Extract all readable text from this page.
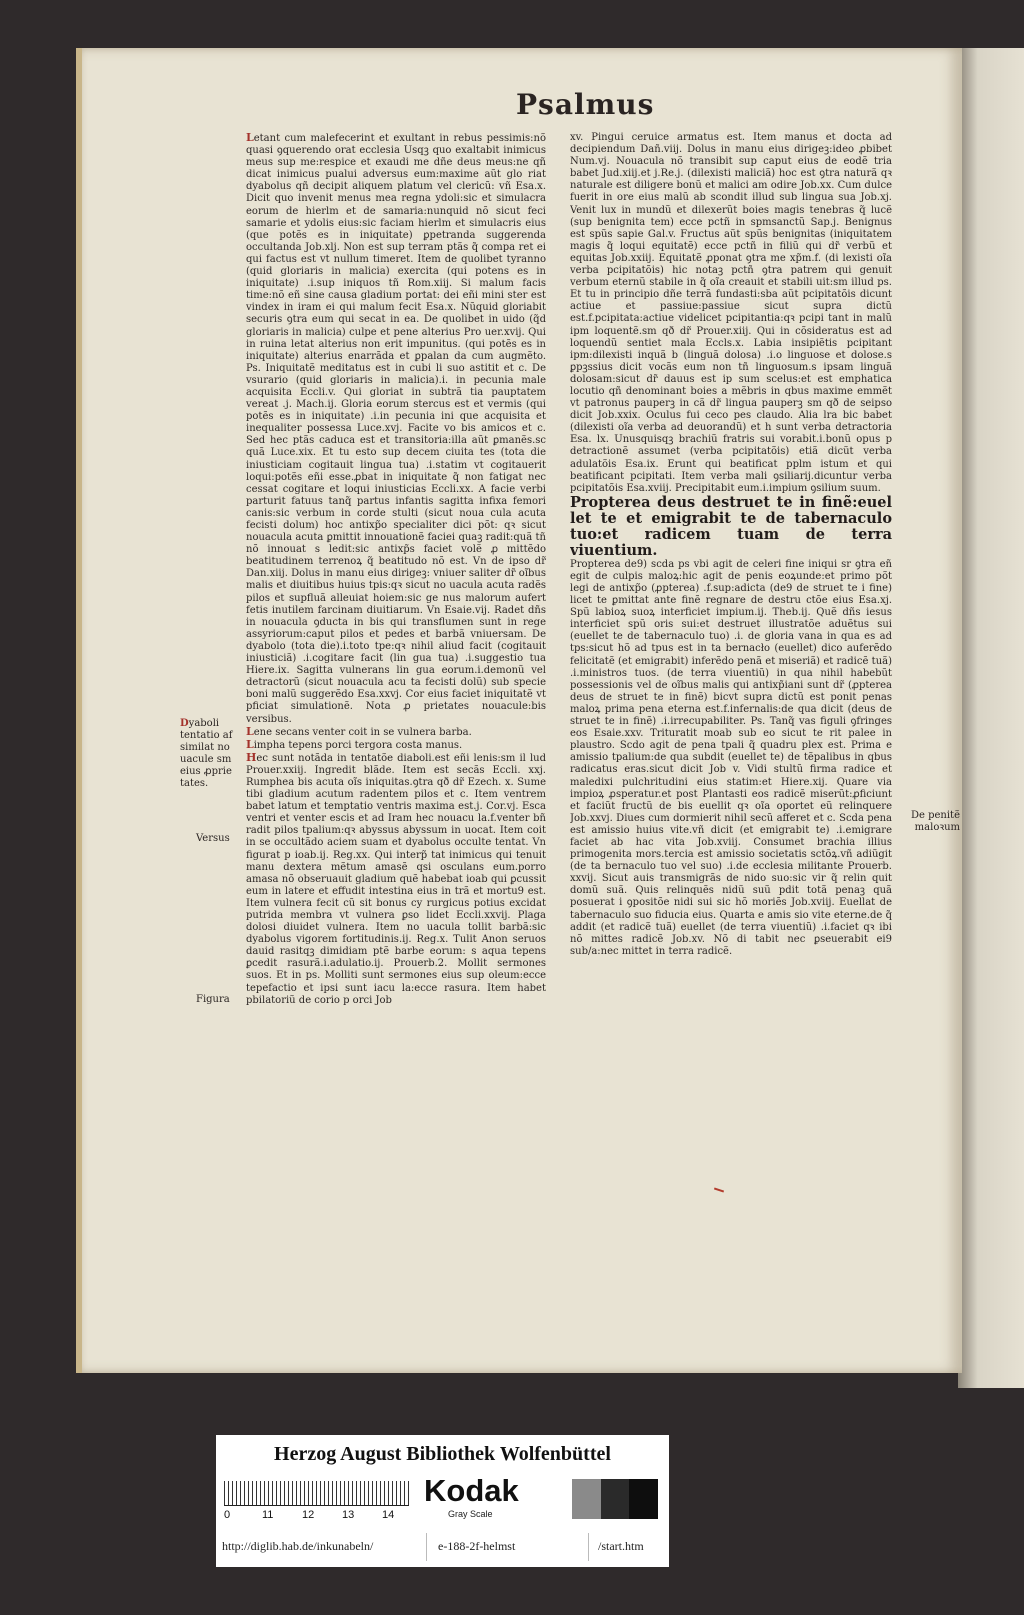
Psalmus

Letant cum malefecerint et exultant in rebus pessimis:nõ quasi ꝯquerendo orat ecclesia Usqꝫ quo exaltabit inimicus meus sup me:respice et exaudi me dñe deus meus:ne qñ dicat inimicus pualui adversus eum:maxime aũt glo riat dyabolus qñ decipit aliquem platum vel clericũ: vñ Esa.x. Dicit quo invenit menus mea regna ydoli:sic et simulacra eorum de hierlm et de samaria:nunquid nõ sicut feci samarie et ydolis eius:sic faciam hierlm et simulacris eius (que potẽs es in iniquitate) ꝑpetranda suggerenda occultanda Job.xlj. Non est sup terram ptãs q̃ compa ret ei qui factus est vt nullum timeret. Item de quolibet tyranno (quid gloriaris in malicia) exercita (qui potens es in iniquitate) .i.sup iniquos tñ Rom.xiij. Si malum facis time:nõ eñ sine causa gladium portat: dei eñi mini ster est vindex in iram ei qui malum fecit Esa.x. Nũquid gloriabit securis ꝯtra eum qui secat in ea. De quolibet in uido (q̃d gloriaris in malicia) culpe et pene alterius Pro uer.xvij. Qui in ruina letat alterius non erit impunitus. (qui potẽs es in iniquitate) alterius enarrãda et ꝑpalan da cum augmẽto. Ps. Iniquitatẽ meditatus est in cubi li suo astitit et c. De vsurario (quid gloriaris in malicia).i. in pecunia male acquisita Eccli.v. Qui gloriat in subtrã tia pauptatem vereat .j. Mach.ij. Gloria eorum stercus est et vermis (qui potẽs es in iniquitate) .i.in pecunia ini que acquisita et inequaliter possessa Luce.xvj. Facite vo bis amicos et c. Sed hec ptãs caduca est et transitoria:illa aũt ꝑmanẽs.sc quã Luce.xix. Et tu esto sup decem ciuita tes (tota die iniusticiam cogitauit lingua tua) .i.statim vt cogitauerit loqui:potẽs eñi esse.ꝓbat in iniquitate q̃ non fatigat nec cessat cogitare et loqui iniusticias Eccli.xx. A facie verbi parturit fatuus tanq̃ partus infantis sagitta infixa femori canis:sic verbum in corde stulti (sicut noua cula acuta fecisti dolum) hoc antixp̃o specialiter dici põt: qꝛ sicut nouacula acuta ꝑmittit innouationẽ faciei quaꝫ radit:quã tñ nõ innouat s ledit:sic antixp̃s faciet volẽ ꝓ mittẽdo beatitudinem terrenoꝝ q̃ beatitudo nõ est. Vn de ipso dr̃ Dan.xiij. Dolus in manu eius dirigeꝫ: vniuer saliter dr̃ oĩbus malis et diuitibus huius tpis:qꝛ sicut no uacula acuta radẽs pilos et supfluã alleuiat hoiem:sic ge nus malorum aufert fetis inutilem farcinam diuitiarum. Vn Esaie.vij. Radet dñs in nouacula ꝯducta in bis qui transflumen sunt in rege assyriorum:caput pilos et pedes et barbã vniuersam. De dyabolo (tota die).i.toto tpe:qꝛ nihil aliud facit (cogitauit iniusticiã) .i.cogitare facit (lin gua tua) .i.suggestio tua Hiere.ix. Sagitta vulnerans lin gua eorum.i.demonũ vel detractorũ (sicut nouacula acu ta fecisti dolũ) sub specie boni malũ suggerẽdo Esa.xxvj. Cor eius faciet iniquitatẽ vt pficiat simulationẽ. Nota ꝓ prietates nouacule:bis versibus.

Lene secans venter coit in se vulnera barba.

Limpha tepens porci tergora costa manus.

Hec sunt notãda in tentatõe diaboli.est eñi lenis:sm il lud Prouer.xxiij. Ingredit blãde. Item est secãs Eccli. xxj. Rumphea bis acuta oĩs iniquitas.ꝯtra qð dr̃ Ezech. x. Sume tibi gladium acutum radentem pilos et c. Item ventrem babet latum et temptatio ventris maxima est.j. Cor.vj. Esca ventri et venter escis et ad Iram hec nouacu la.f.venter bñ radit pilos tpalium:qꝛ abyssus abyssum in uocat. Item coit in se occultãdo aciem suam et dyabolus occulte tentat. Vn figurat p ioab.ij. Reg.xx. Qui interp̃ tat inimicus qui tenuit manu dextera mẽtum amasẽ qsi osculans eum.porro amasa nõ obseruauit gladium quẽ habebat ioab qui ꝑcussit eum in latere et effudit intestina eius in trã et mortu9 est. Item vulnera fecit cũ sit bonus cy rurgicus potius excidat putrida membra vt vulnera ꝑso lidet Eccli.xxvij. Plaga dolosi diuidet vulnera. Item no uacula tollit barbã:sic dyabolus vigorem fortitudinis.ij. Reg.x. Tulit Anon seruos dauid rasitqꝫ dimidiam ptẽ barbe eorum: s aqua tepens ꝑcedit rasurã.i.adulatio.ij. Prouerb.2. Mollit sermones suos. Et in ps. Molliti sunt sermones eius sup oleum:ecce tepefactio et ipsi sunt iacu la:ecce rasura. Item habet pbilatoriũ de corio p orci Job

xv. Pingui ceruice armatus est. Item manus et docta ad decipiendum Dañ.viij. Dolus in manu eius dirigeꝫ:ideo ꝓbibet Num.vj. Nouacula nõ transibit sup caput eius de eodẽ tria babet Jud.xiij.et j.Re.j. (dilexisti maliciã) hoc est ꝯtra naturã qꝛ naturale est diligere bonũ et malici am odire Job.xx. Cum dulce fuerit in ore eius malũ ab scondit illud sub lingua sua Job.xj. Venit lux in mundũ et dilexerũt boies magis tenebras q̃ lucẽ (sup benignita tem) ecce pctñ in spmsanctũ Sap.j. Benignus est spũs sapie Gal.v. Fructus aũt spũs benignitas (iniquitatem magis q̃ loqui equitatẽ) ecce pctñ in filiũ qui dr̃ verbũ et equitas Job.xxiij. Equitatẽ ꝓponat ꝯtra me xp̃m.f. (di lexisti oĩa verba pcipitatõis) hic notaꝫ pctñ ꝯtra patrem qui genuit verbum eternũ stabile in q̃ oĩa creauit et stabili uit:sm illud ps. Et tu in principio dñe terrã fundasti:sba aũt pcipitatõis dicunt actiue et passiue:passiue sicut supra dictũ est.f.pcipitata:actiue videlicet pcipitantia:qꝛ pcipi tant in malũ ipm loquentẽ.sm qð dr̃ Prouer.xiij. Qui in cõsideratus est ad loquendũ sentiet mala Eccls.x. Labia insipiẽtis pcipitant ipm:dilexisti inquã b (linguã dolosa) .i.o linguose et dolose.s ꝑpꝫssius dicit vocãs eum non tñ linguosum.s ipsam linguã dolosam:sicut dr̃ dauus est ip sum scelus:et est emphatica locutio qñ denominant boies a mẽbris in qbus maxime emmẽt vt patronus pauperꝫ in cã dr̃ lingua pauperꝫ sm qð de seipso dicit Job.xxix. Oculus fui ceco pes claudo. Alia lra bic babet (dilexisti oĩa verba ad deuorandũ) et h sunt verba detractoria Esa. lx. Unusquisqꝫ brachiũ fratris sui vorabit.i.bonũ opus p detractionẽ assumet (verba pcipitatõis) etiã dicũt verba adulatõis Esa.ix. Erunt qui beatificat pplm istum et qui beatificant pcipitati. Item verba mali ꝯsiliarij.dicuntur verba pcipitatõis Esa.xviij. Precipitabit eum.i.impium ꝯsilium suum.

Propterea deus destruet te in finẽ:euel let te et emigrabit te de tabernaculo tuo:et radicem tuam de terra viuentium.

Propterea de9) scda ps vbi agit de celeri fine iniqui sr ꝯtra eñ egit de culpis maloꝝ:hic agit de penis eoꝝunde:et primo põt legi de antixp̃o (ꝓpterea) .f.sup:adicta (de9 de struet te i fine) licet te ꝑmittat ante finẽ regnare de destru ctõe eius Esa.xj. Spũ labioꝝ suoꝝ interficiet impium.ij. Theb.ij. Quẽ dñs iesus interficiet spũ oris sui:et destruet illustratõe aduẽtus sui (euellet te de tabernaculo tuo) .i. de gloria vana in qua es ad tps:sicut hõ ad tpus est in ta bernacło (euellet) dico auferẽdo felicitatẽ (et emigrabit) inferẽdo penã et miseriã) et radicẽ tuã) .i.ministros tuos. (de terra viuentiũ) in qua nihil habebũt possessionis vel de oĩbus malis qui antixp̃iani sunt dr̃ (ꝓpterea deus de struet te in finẽ) bicvt supra dictũ est ponit penas maloꝝ prima pena eterna est.f.infernalis:de qua dicit (deus de struet te in finẽ) .i.irrecupabiliter. Ps. Tanq̃ vas figuli ꝯfringes eos Esaie.xxv. Trituratit moab sub eo sicut te rit palee in plaustro. Scdo agit de pena tpali q̃ quadru plex est. Prima e amissio tpalium:de qua subdit (euellet te) de tẽpalibus in qbus radicatus eras.sicut dicit Job v. Vidi stultũ firma radice et maledixi pulchritudini eius statim:et Hiere.xij. Quare via impioꝝ ꝓsperatur.et post Plantasti eos radicẽ miserũt:ꝓficiunt et faciũt fructũ de bis euellit qꝛ oĩa oportet eũ relinquere Job.xxvj. Diues cum dormierit nihil secũ afferet et c. Scda pena est amissio huius vite.vñ dicit (et emigrabit te) .i.emigrare faciet ab hac vita Job.xviij. Consumet brachia illius primogenita mors.tercia est amissio societatis sctõꝝ.vñ adiũgit (de ta bernaculo tuo vel suo) .i.de ecclesia militante Prouerb. xxvij. Sicut auis transmigrãs de nido suo:sic vir q̃ relin quit domũ suã. Quis relinquẽs nidũ suũ pdit totã penaꝫ quã posuerat i ꝯpositõe nidi sui sic hõ moriẽs Job.xviij. Euellat de tabernaculo suo fiducia eius. Quarta e amis sio vite eterne.de q̃ addit (et radicẽ tuã) euellet (de terra viuentiũ) .i.faciet qꝛ ibi nõ mittes radicẽ Job.xv. Nõ di tabit nec ꝑseuerabit ei9 sub/a:nec mittet in terra radicẽ.

Dyaboli tentatio af similat no uacule sm eius ꝓprie tates.
Versus
Figura
De penitẽ maloꝛum
Herzog August Bibliothek Wolfenbüttel
0	11	12	13	14
Kodak
Gray Scale
http://diglib.hab.de/inkunabeln/	e-188-2f-helmst	/start.htm
